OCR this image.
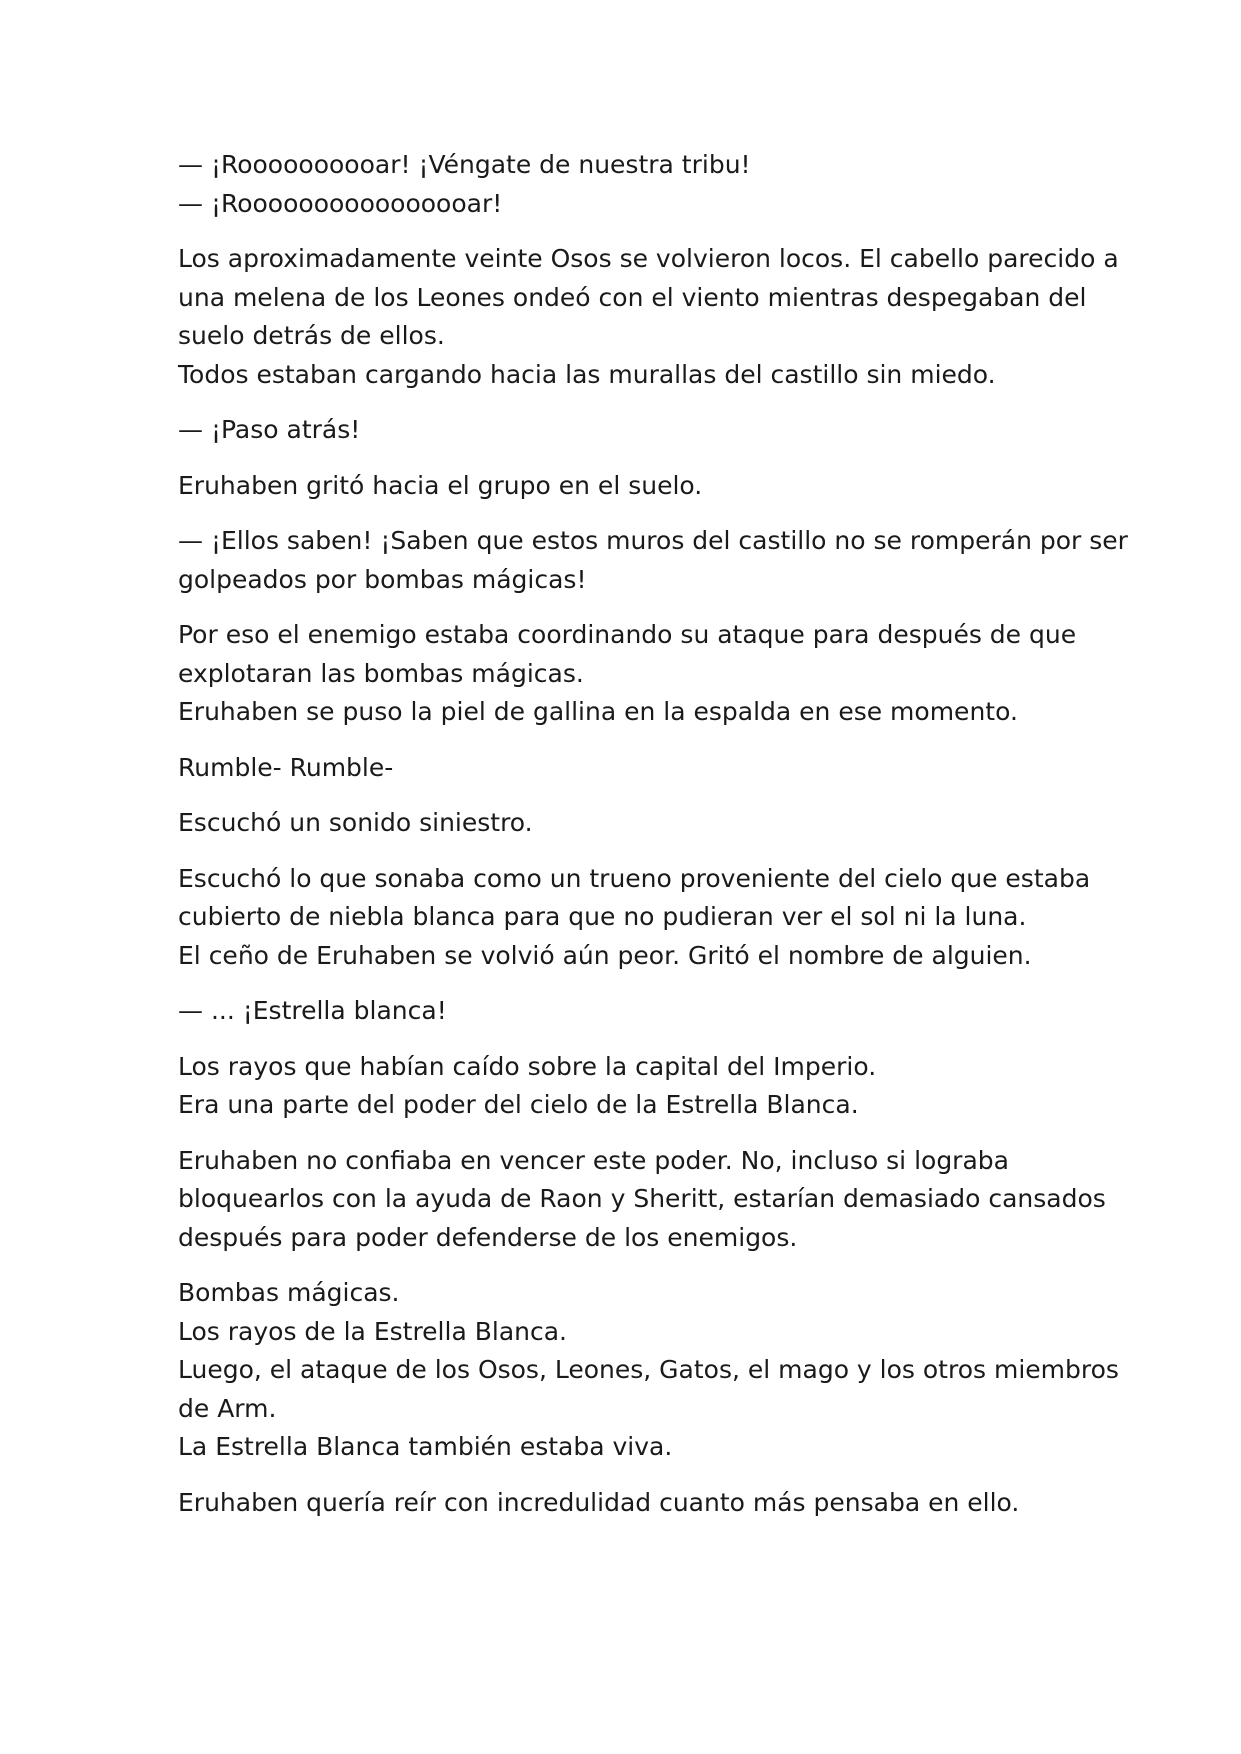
— ¡Roooooooooar! ¡Véngate de nuestra tribu!
— ¡Roooooooooooooooar!

Los aproximadamente veinte Osos se volvieron locos. El cabello parecido a
una melena de los Leones ondeó con el viento mientras despegaban del
suelo detrás de ellos.
Todos estaban cargando hacia las murallas del castillo sin miedo.

— ¡Paso atrás!

Eruhaben gritó hacia el grupo en el suelo.

— ¡Ellos saben! ¡Saben que estos muros del castillo no se romperán por ser
golpeados por bombas mágicas!

Por eso el enemigo estaba coordinando su ataque para después de que
explotaran las bombas mágicas.
Eruhaben se puso la piel de gallina en la espalda en ese momento.

Rumble- Rumble-

Escuchó un sonido siniestro.

Escuchó lo que sonaba como un trueno proveniente del cielo que estaba
cubierto de niebla blanca para que no pudieran ver el sol ni la luna.
El ceño de Eruhaben se volvió aún peor. Gritó el nombre de alguien.

— ... ¡Estrella blanca!

Los rayos que habían caído sobre la capital del Imperio.
Era una parte del poder del cielo de la Estrella Blanca.

Eruhaben no confiaba en vencer este poder. No, incluso si lograba
bloquearlos con la ayuda de Raon y Sheritt, estarían demasiado cansados
después para poder defenderse de los enemigos.

Bombas mágicas.
Los rayos de la Estrella Blanca.
Luego, el ataque de los Osos, Leones, Gatos, el mago y los otros miembros
de Arm.
La Estrella Blanca también estaba viva.

Eruhaben quería reír con incredulidad cuanto más pensaba en ello.
